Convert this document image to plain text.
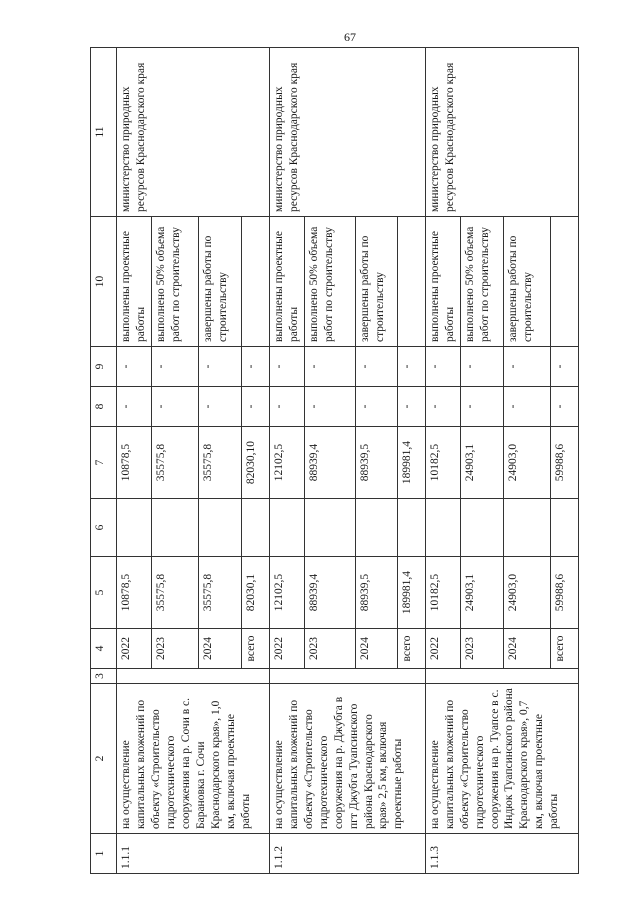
67
1	2	3	4	5	6	7	8	9	10	11
1.1.1	на осуществление капитальных вложений по объекту «Строительство гидротехнического сооружения на р. Сочи в с. Барановка г. Сочи Краснодарского края», 1,0 км, включая проектные работы		2022	10878,5		10878,5	-	-	выполнены проектные работы	министерство природных ресурсов Краснодарского края
			2023	35575,8		35575,8	-	-	выполнено 50% объема работ по строительству	
			2024	35575,8		35575,8	-	-	завершены работы по строительству	
			всего	82030,1		82030,10	-	-		
1.1.2	на осуществление капитальных вложений по объекту «Строительство гидротехнического сооружения на р. Джубга в пгт Джубга Туапсинского района Краснодарского края» 2,5 км, включая проектные работы		2022	12102,5		12102,5	-	-	выполнены проектные работы	министерство природных ресурсов Краснодарского края
			2023	88939,4		88939,4	-	-	выполнено 50% объема работ по строительству	
			2024	88939,5		88939,5	-	-	завершены работы по строительству	
			всего	189981,4		189981,4	-	-		
1.1.3	на осуществление капитальных вложений по объекту «Строительство гидротехнического сооружения на р. Туапсе в с. Индюк Туапсинского района Краснодарского края», 0,7 км, включая проектные работы		2022	10182,5		10182,5	-	-	выполнены проектные работы	министерство природных ресурсов Краснодарского края
			2023	24903,1		24903,1	-	-	выполнено 50% объема работ по строительству	
			2024	24903,0		24903,0	-	-	завершены работы по строительству	
			всего	59988,6		59988,6	-	-		
